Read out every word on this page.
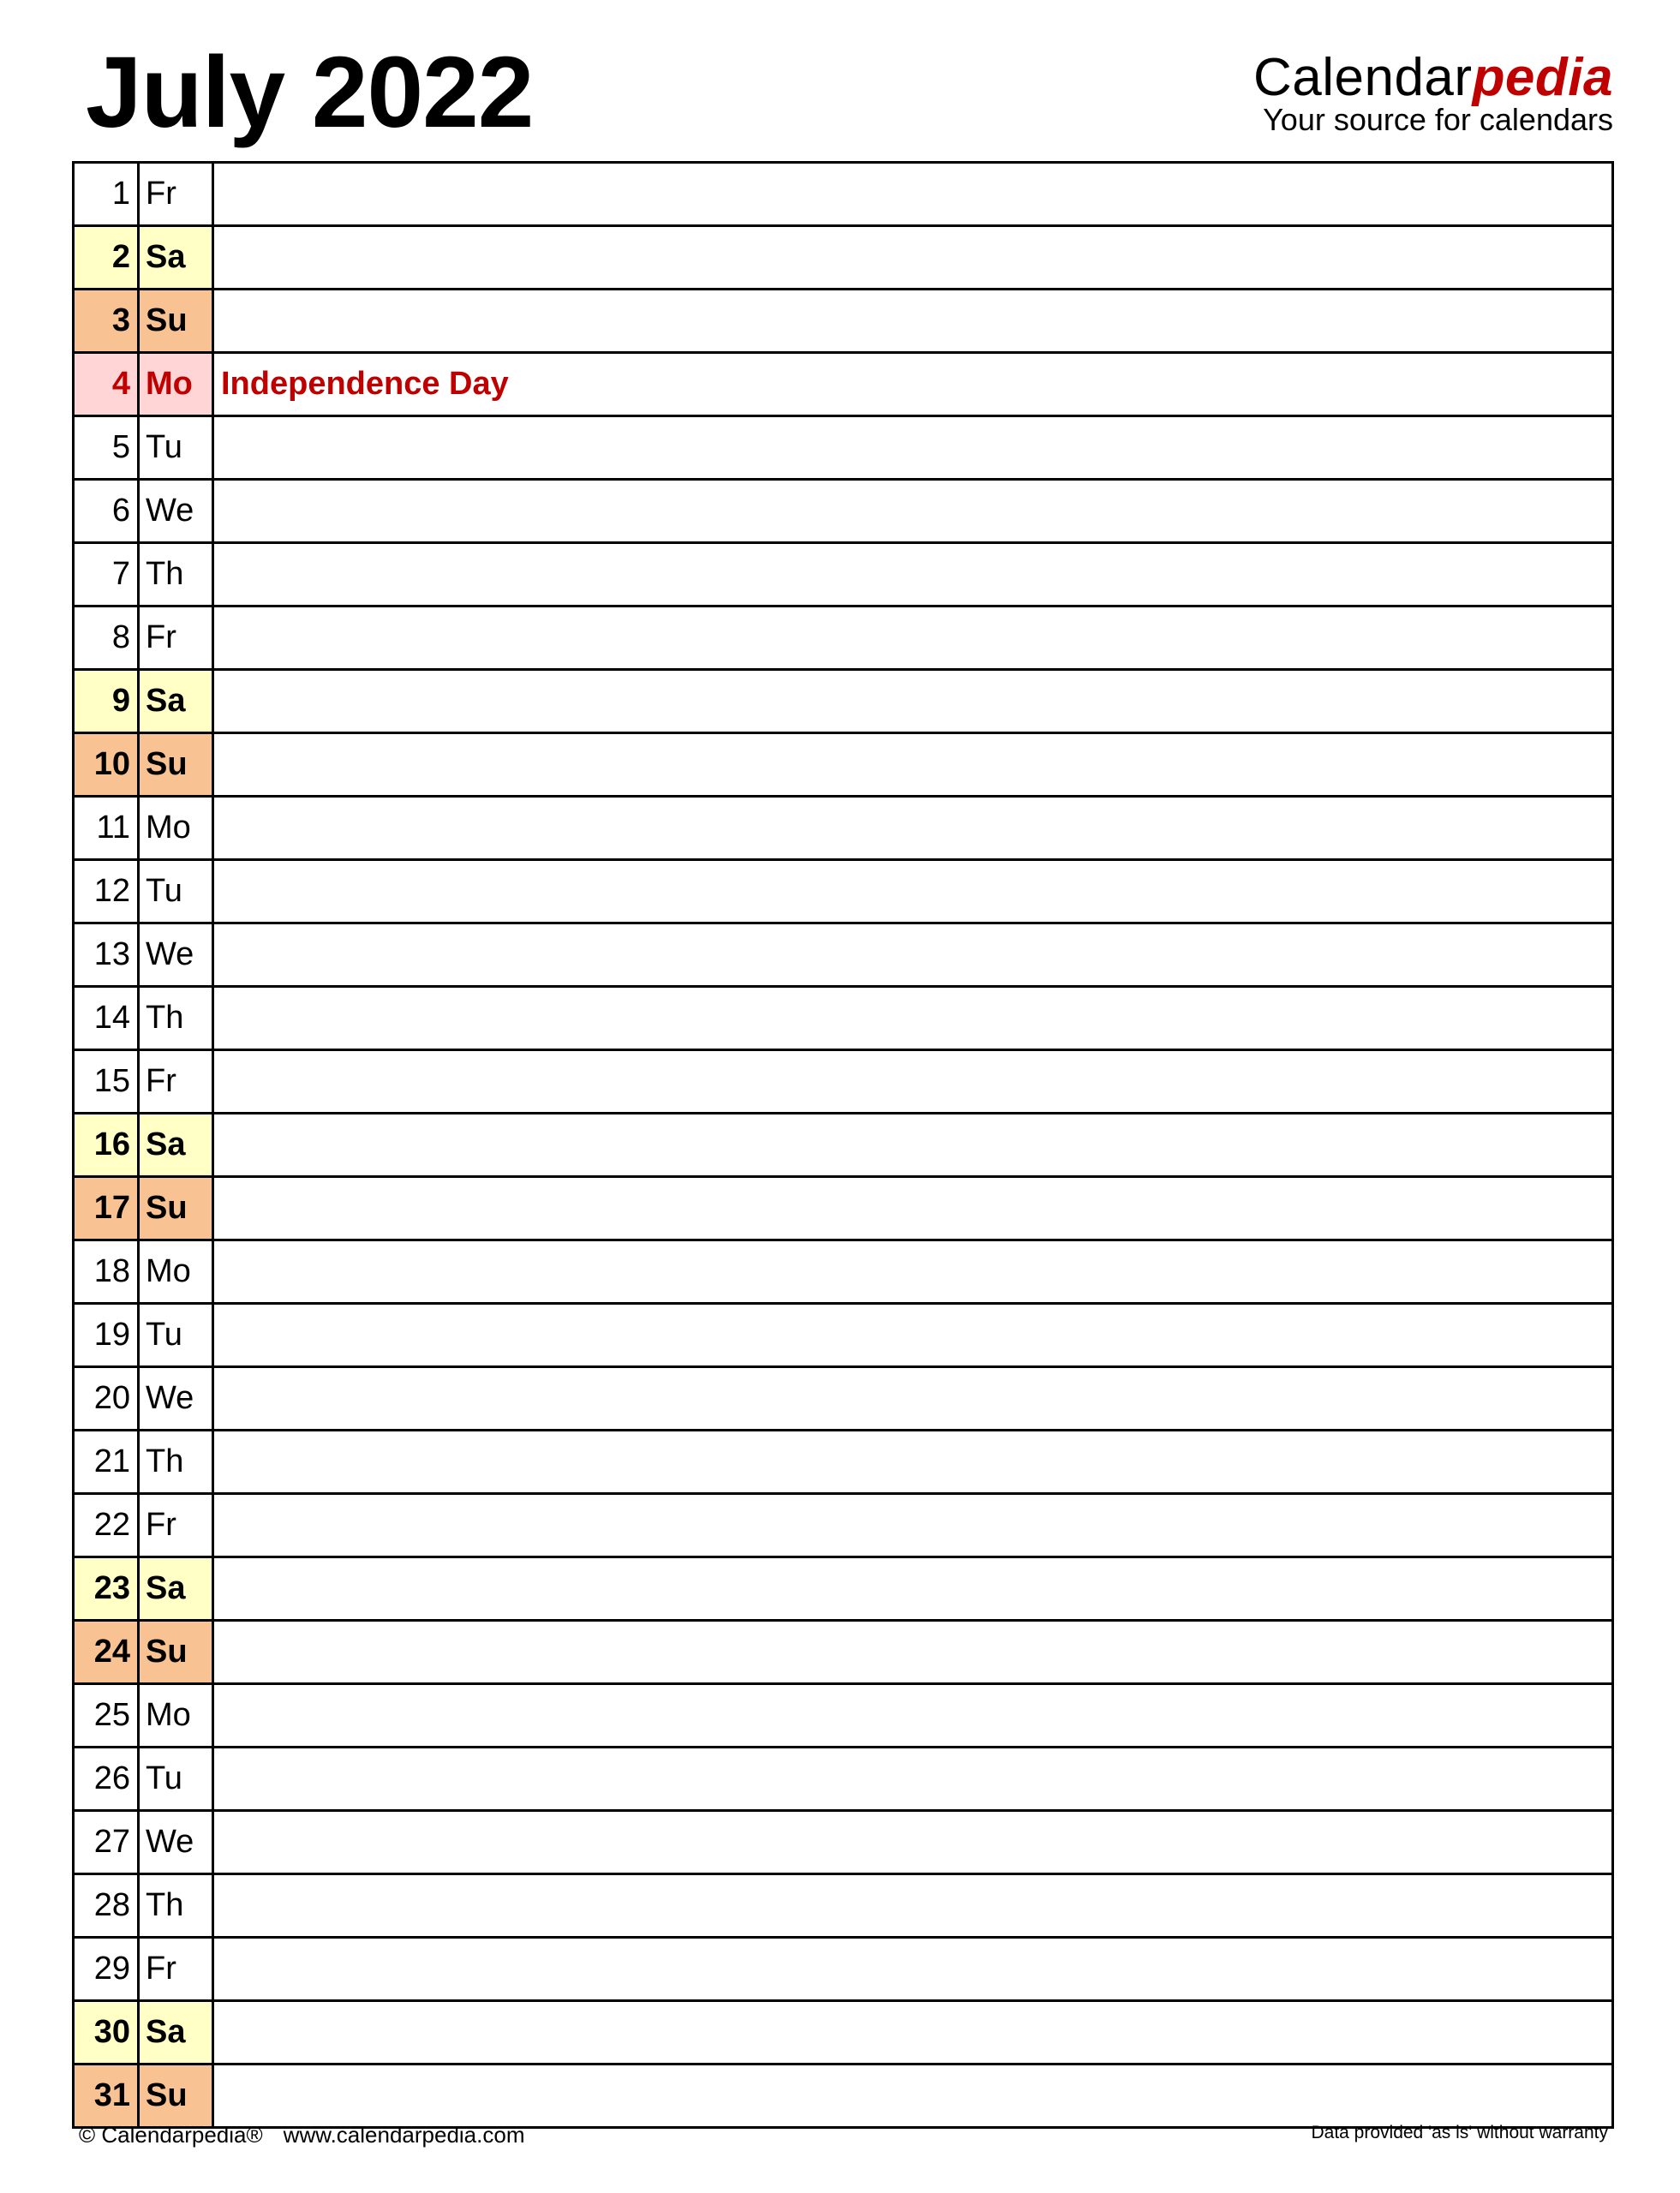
July 2022	Calendarpedia
Your source for calendars
1 Fr
2 Sa
3 Su
4 Mo Independence Day
5 Tu
6 We
7 Th
8 Fr
9 Sa
10 Su
11 Mo
12 Tu
13 We
14 Th
15 Fr
16 Sa
17 Su
18 Mo
19 Tu
20 We
21 Th
22 Fr
23 Sa
24 Su
25 Mo
26 Tu
27 We
28 Th
29 Fr
30 Sa
31 Su
© Calendarpedia® www.calendarpedia.com	Data provided 'as is' without warranty
